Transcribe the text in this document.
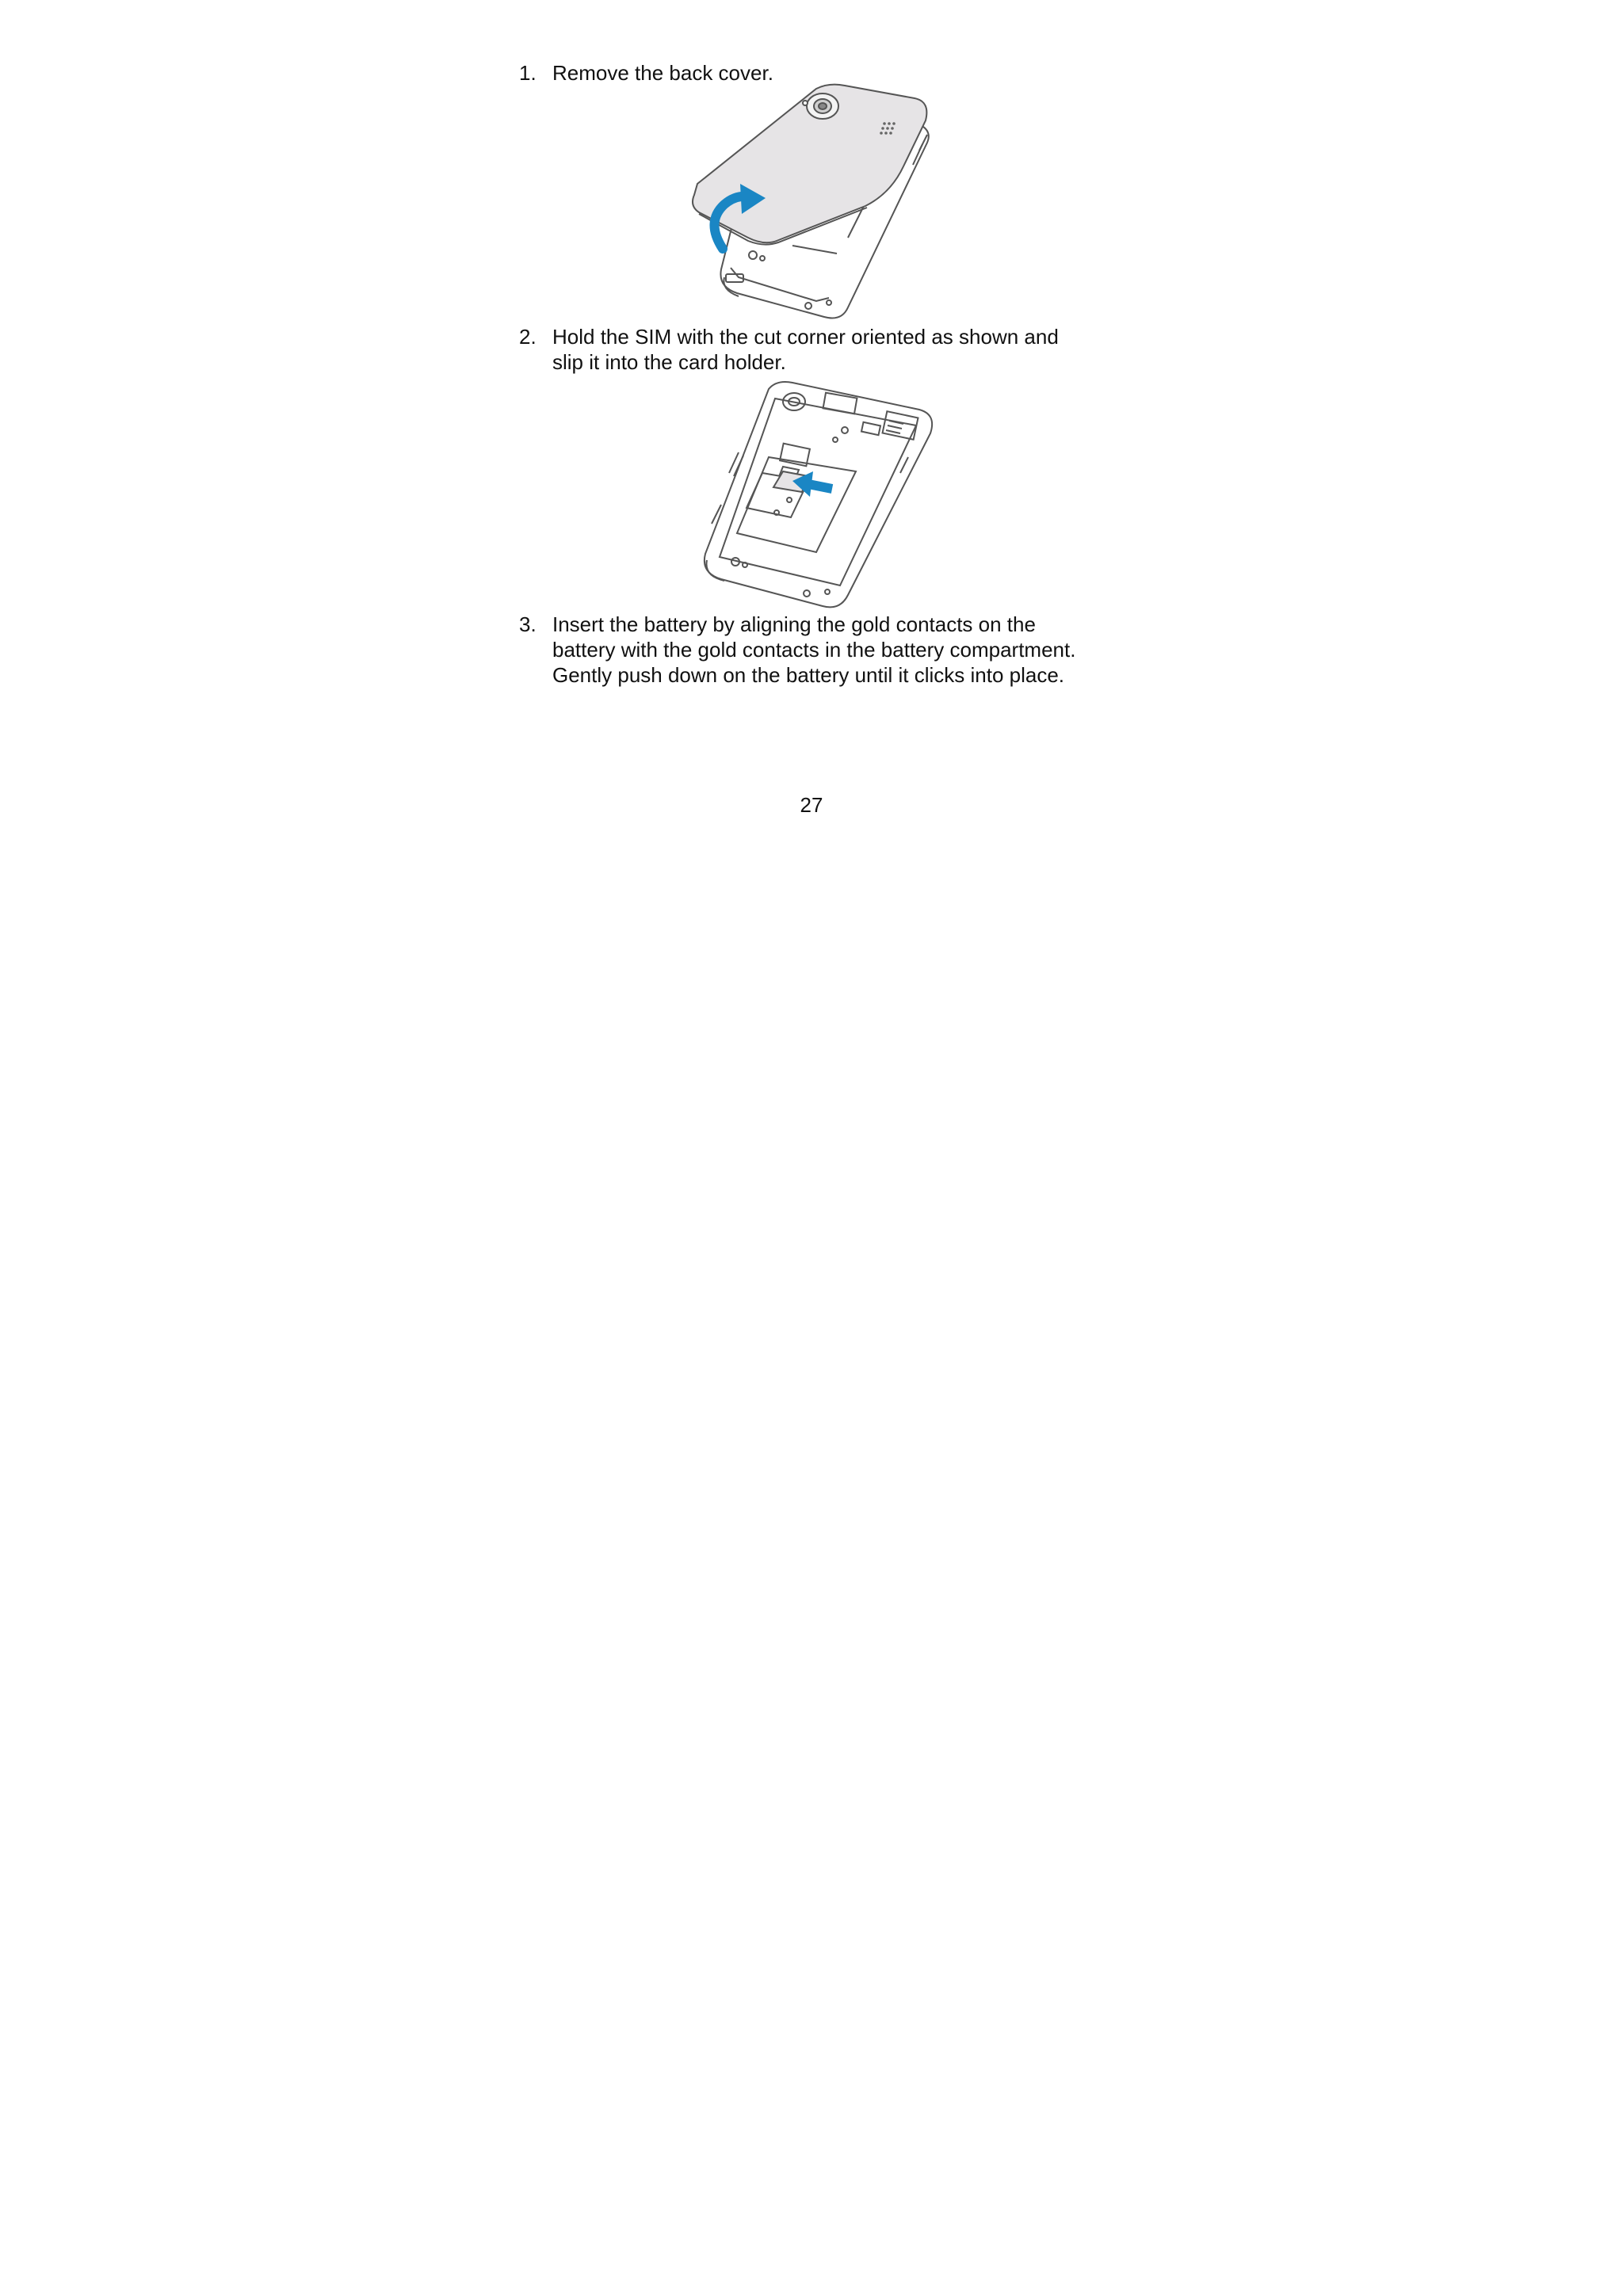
1. Remove the back cover.
2. Hold the SIM with the cut corner oriented as shown and
slip it into the card holder.
3. Insert the battery by aligning the gold contacts on the
battery with the gold contacts in the battery compartment.
Gently push down on the battery until it clicks into place.
27
